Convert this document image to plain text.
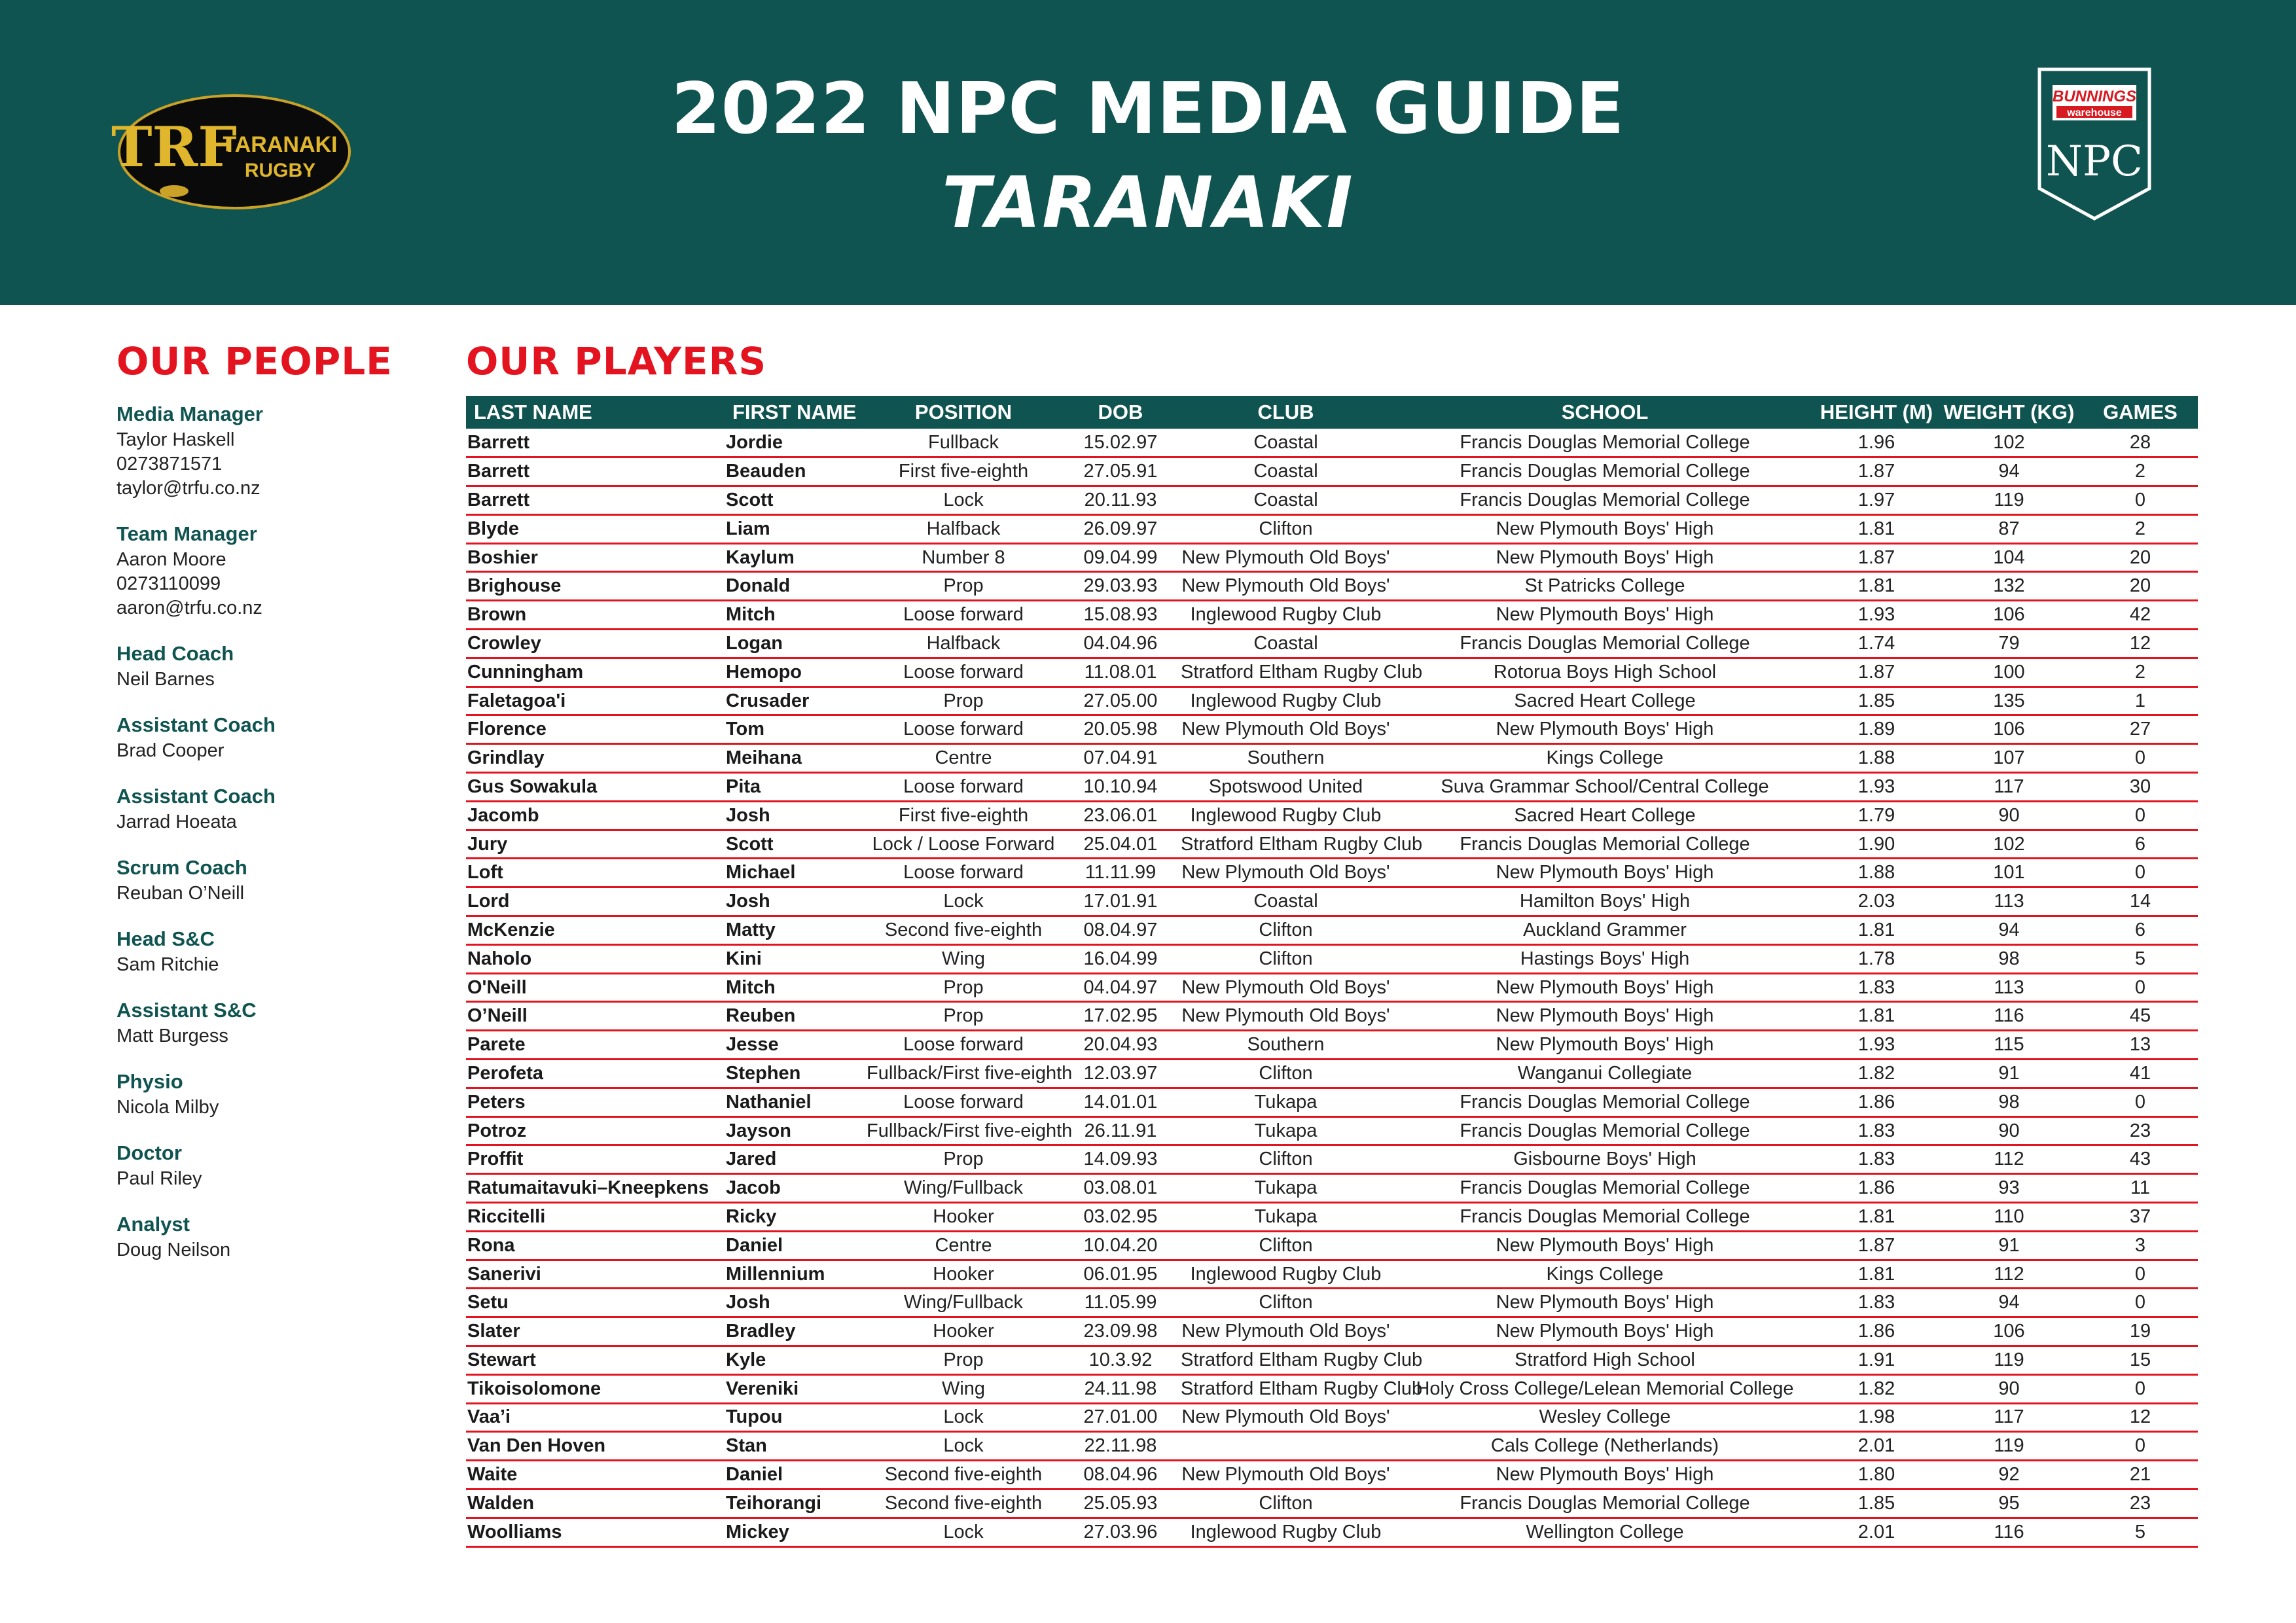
TRF
TARANAKI
RUGBY
2022 NPC MEDIA GUIDE
TARANAKI
BUNNINGS
warehouse
NPC
OUR PEOPLE OUR PLAYERS
Media Manager
Taylor Haskell
0273871571
taylor@trfu.co.nz
Team Manager
Aaron Moore
0273110099
aaron@trfu.co.nz
Head Coach
Neil Barnes
Assistant Coach
Brad Cooper
Assistant Coach
Jarrad Hoeata
Scrum Coach
Reuban O’Neill
Head S&C
Sam Ritchie
Assistant S&C
Matt Burgess
Physio
Nicola Milby
Doctor
Paul Riley
Analyst
Doug Neilson
LAST NAME	FIRST NAME	POSITION	DOB	CLUB	SCHOOL	HEIGHT (M)	WEIGHT (KG)	GAMES
Barrett	Jordie	Fullback	15.02.97	Coastal	Francis Douglas Memorial College	1.96	102	28
Barrett	Beauden	First five-eighth	27.05.91	Coastal	Francis Douglas Memorial College	1.87	94	2
Barrett	Scott	Lock	20.11.93	Coastal	Francis Douglas Memorial College	1.97	119	0
Blyde	Liam	Halfback	26.09.97	Clifton	New Plymouth Boys' High	1.81	87	2
Boshier	Kaylum	Number 8	09.04.99	New Plymouth Old Boys'	New Plymouth Boys' High	1.87	104	20
Brighouse	Donald	Prop	29.03.93	New Plymouth Old Boys'	St Patricks College	1.81	132	20
Brown	Mitch	Loose forward	15.08.93	Inglewood Rugby Club	New Plymouth Boys' High	1.93	106	42
Crowley	Logan	Halfback	04.04.96	Coastal	Francis Douglas Memorial College	1.74	79	12
Cunningham	Hemopo	Loose forward	11.08.01	Stratford Eltham Rugby Club	Rotorua Boys High School	1.87	100	2
Faletagoa'i	Crusader	Prop	27.05.00	Inglewood Rugby Club	Sacred Heart College	1.85	135	1
Florence	Tom	Loose forward	20.05.98	New Plymouth Old Boys'	New Plymouth Boys' High	1.89	106	27
Grindlay	Meihana	Centre	07.04.91	Southern	Kings College	1.88	107	0
Gus Sowakula	Pita	Loose forward	10.10.94	Spotswood United	Suva Grammar School/Central College	1.93	117	30
Jacomb	Josh	First five-eighth	23.06.01	Inglewood Rugby Club	Sacred Heart College	1.79	90	0
Jury	Scott	Lock / Loose Forward	25.04.01	Stratford Eltham Rugby Club	Francis Douglas Memorial College	1.90	102	6
Loft	Michael	Loose forward	11.11.99	New Plymouth Old Boys'	New Plymouth Boys' High	1.88	101	0
Lord	Josh	Lock	17.01.91	Coastal	Hamilton Boys' High	2.03	113	14
McKenzie	Matty	Second five-eighth	08.04.97	Clifton	Auckland Grammer	1.81	94	6
Naholo	Kini	Wing	16.04.99	Clifton	Hastings Boys' High	1.78	98	5
O'Neill	Mitch	Prop	04.04.97	New Plymouth Old Boys'	New Plymouth Boys' High	1.83	113	0
O’Neill	Reuben	Prop	17.02.95	New Plymouth Old Boys'	New Plymouth Boys' High	1.81	116	45
Parete	Jesse	Loose forward	20.04.93	Southern	New Plymouth Boys' High	1.93	115	13
Perofeta	Stephen	Fullback/First five-eighth	12.03.97	Clifton	Wanganui Collegiate	1.82	91	41
Peters	Nathaniel	Loose forward	14.01.01	Tukapa	Francis Douglas Memorial College	1.86	98	0
Potroz	Jayson	Fullback/First five-eighth	26.11.91	Tukapa	Francis Douglas Memorial College	1.83	90	23
Proffit	Jared	Prop	14.09.93	Clifton	Gisbourne Boys' High	1.83	112	43
Ratumaitavuki–Kneepkens	Jacob	Wing/Fullback	03.08.01	Tukapa	Francis Douglas Memorial College	1.86	93	11
Riccitelli	Ricky	Hooker	03.02.95	Tukapa	Francis Douglas Memorial College	1.81	110	37
Rona	Daniel	Centre	10.04.20	Clifton	New Plymouth Boys' High	1.87	91	3
Sanerivi	Millennium	Hooker	06.01.95	Inglewood Rugby Club	Kings College	1.81	112	0
Setu	Josh	Wing/Fullback	11.05.99	Clifton	New Plymouth Boys' High	1.83	94	0
Slater	Bradley	Hooker	23.09.98	New Plymouth Old Boys'	New Plymouth Boys' High	1.86	106	19
Stewart	Kyle	Prop	10.3.92	Stratford Eltham Rugby Club	Stratford High School	1.91	119	15
Tikoisolomone	Vereniki	Wing	24.11.98	Stratford Eltham Rugby Club	Holy Cross College/Lelean Memorial College	1.82	90	0
Vaa’i	Tupou	Lock	27.01.00	New Plymouth Old Boys'	Wesley College	1.98	117	12
Van Den Hoven	Stan	Lock	22.11.98		Cals College (Netherlands)	2.01	119	0
Waite	Daniel	Second five-eighth	08.04.96	New Plymouth Old Boys'	New Plymouth Boys' High	1.80	92	21
Walden	Teihorangi	Second five-eighth	25.05.93	Clifton	Francis Douglas Memorial College	1.85	95	23
Woolliams	Mickey	Lock	27.03.96	Inglewood Rugby Club	Wellington College	2.01	116	5
